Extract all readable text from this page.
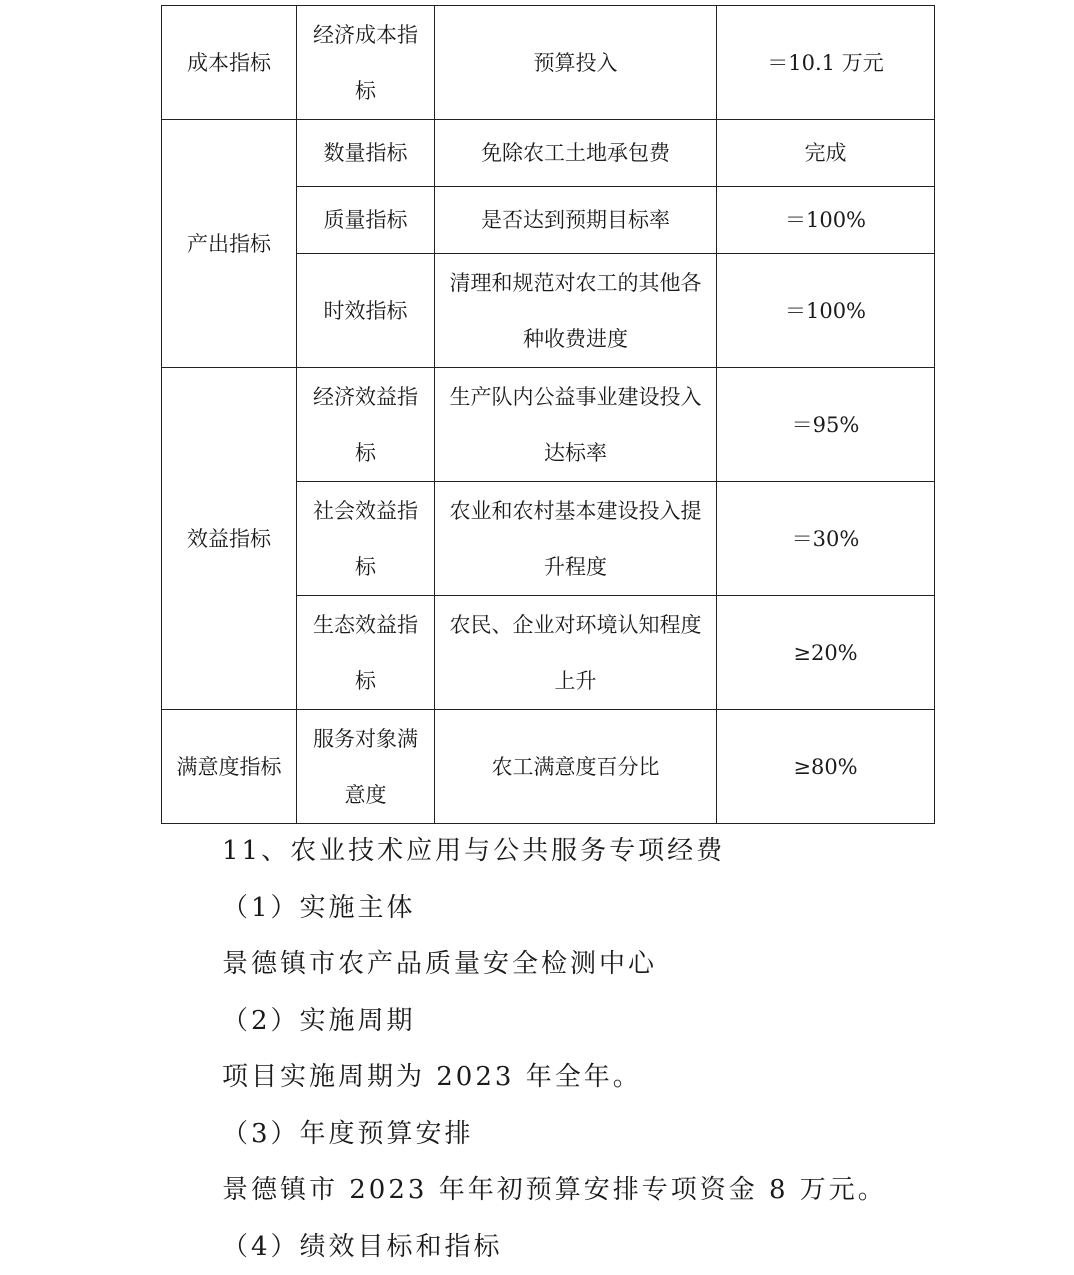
成本指标	经济成本指标	预算投入	＝10.1 万元
产出指标	数量指标	免除农工土地承包费	完成
	质量指标	是否达到预期目标率	＝100%
	时效指标	清理和规范对农工的其他各种收费进度	＝100%
效益指标	经济效益指标	生产队内公益事业建设投入达标率	＝95%
	社会效益指标	农业和农村基本建设投入提升程度	＝30%
	生态效益指标	农民、企业对环境认知程度上升	≥20%
满意度指标	服务对象满意度	农工满意度百分比	≥80%

11、农业技术应用与公共服务专项经费

（1）实施主体

景德镇市农产品质量安全检测中心

（2）实施周期

项目实施周期为 2023 年全年。

（3）年度预算安排

景德镇市 2023 年年初预算安排专项资金 8 万元。

（4）绩效目标和指标
